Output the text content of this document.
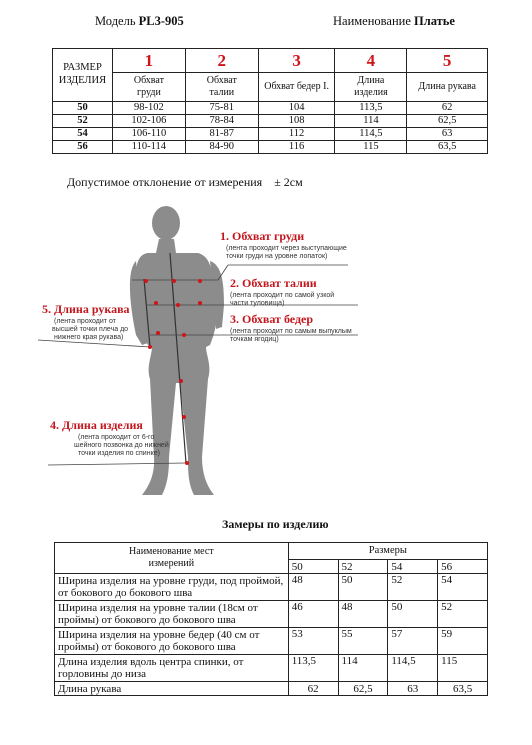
Модель PL3-905	Наименование Платье
РАЗМЕР ИЗДЕЛИЯ	1	2	3	4	5
	Обхват груди	Обхват талии	Обхват бедер I.	Длина изделия	Длина рукава
50	98-102	75-81	104	113,5	62
52	102-106	78-84	108	114	62,5
54	106-110	81-87	112	114,5	63
56	110-114	84-90	116	115	63,5
Допустимое отклонение от измерения ± 2см
1. Обхват груди
(лента проходит через выступающие
точки груди на уровне лопаток)
2. Обхват талии
(лента проходит по самой узкой
части туловища)
3. Обхват бедер
(лента проходит по самым выпуклым
точкам ягодиц)
5. Длина рукава
(лента проходит от
высшей точки плеча до
нижнего края рукава)
4. Длина изделия
(лента проходит от 6-го
шейного позвонка до нижней
точки изделия по спинке)
Замеры по изделию
Наименование мест измерений	Размеры			
	50	52	54	56
Ширина изделия на уровне груди, под проймой, от бокового до бокового шва	48	50	52	54
Ширина изделия на уровне талии (18см от проймы) от бокового до бокового шва	46	48	50	52
Ширина изделия на уровне бедер (40 см от проймы) от бокового до бокового шва	53	55	57	59
Длина изделия вдоль центра спинки, от горловины до низа	113,5	114	114,5	115
Длина рукава	62	62,5	63	63,5
